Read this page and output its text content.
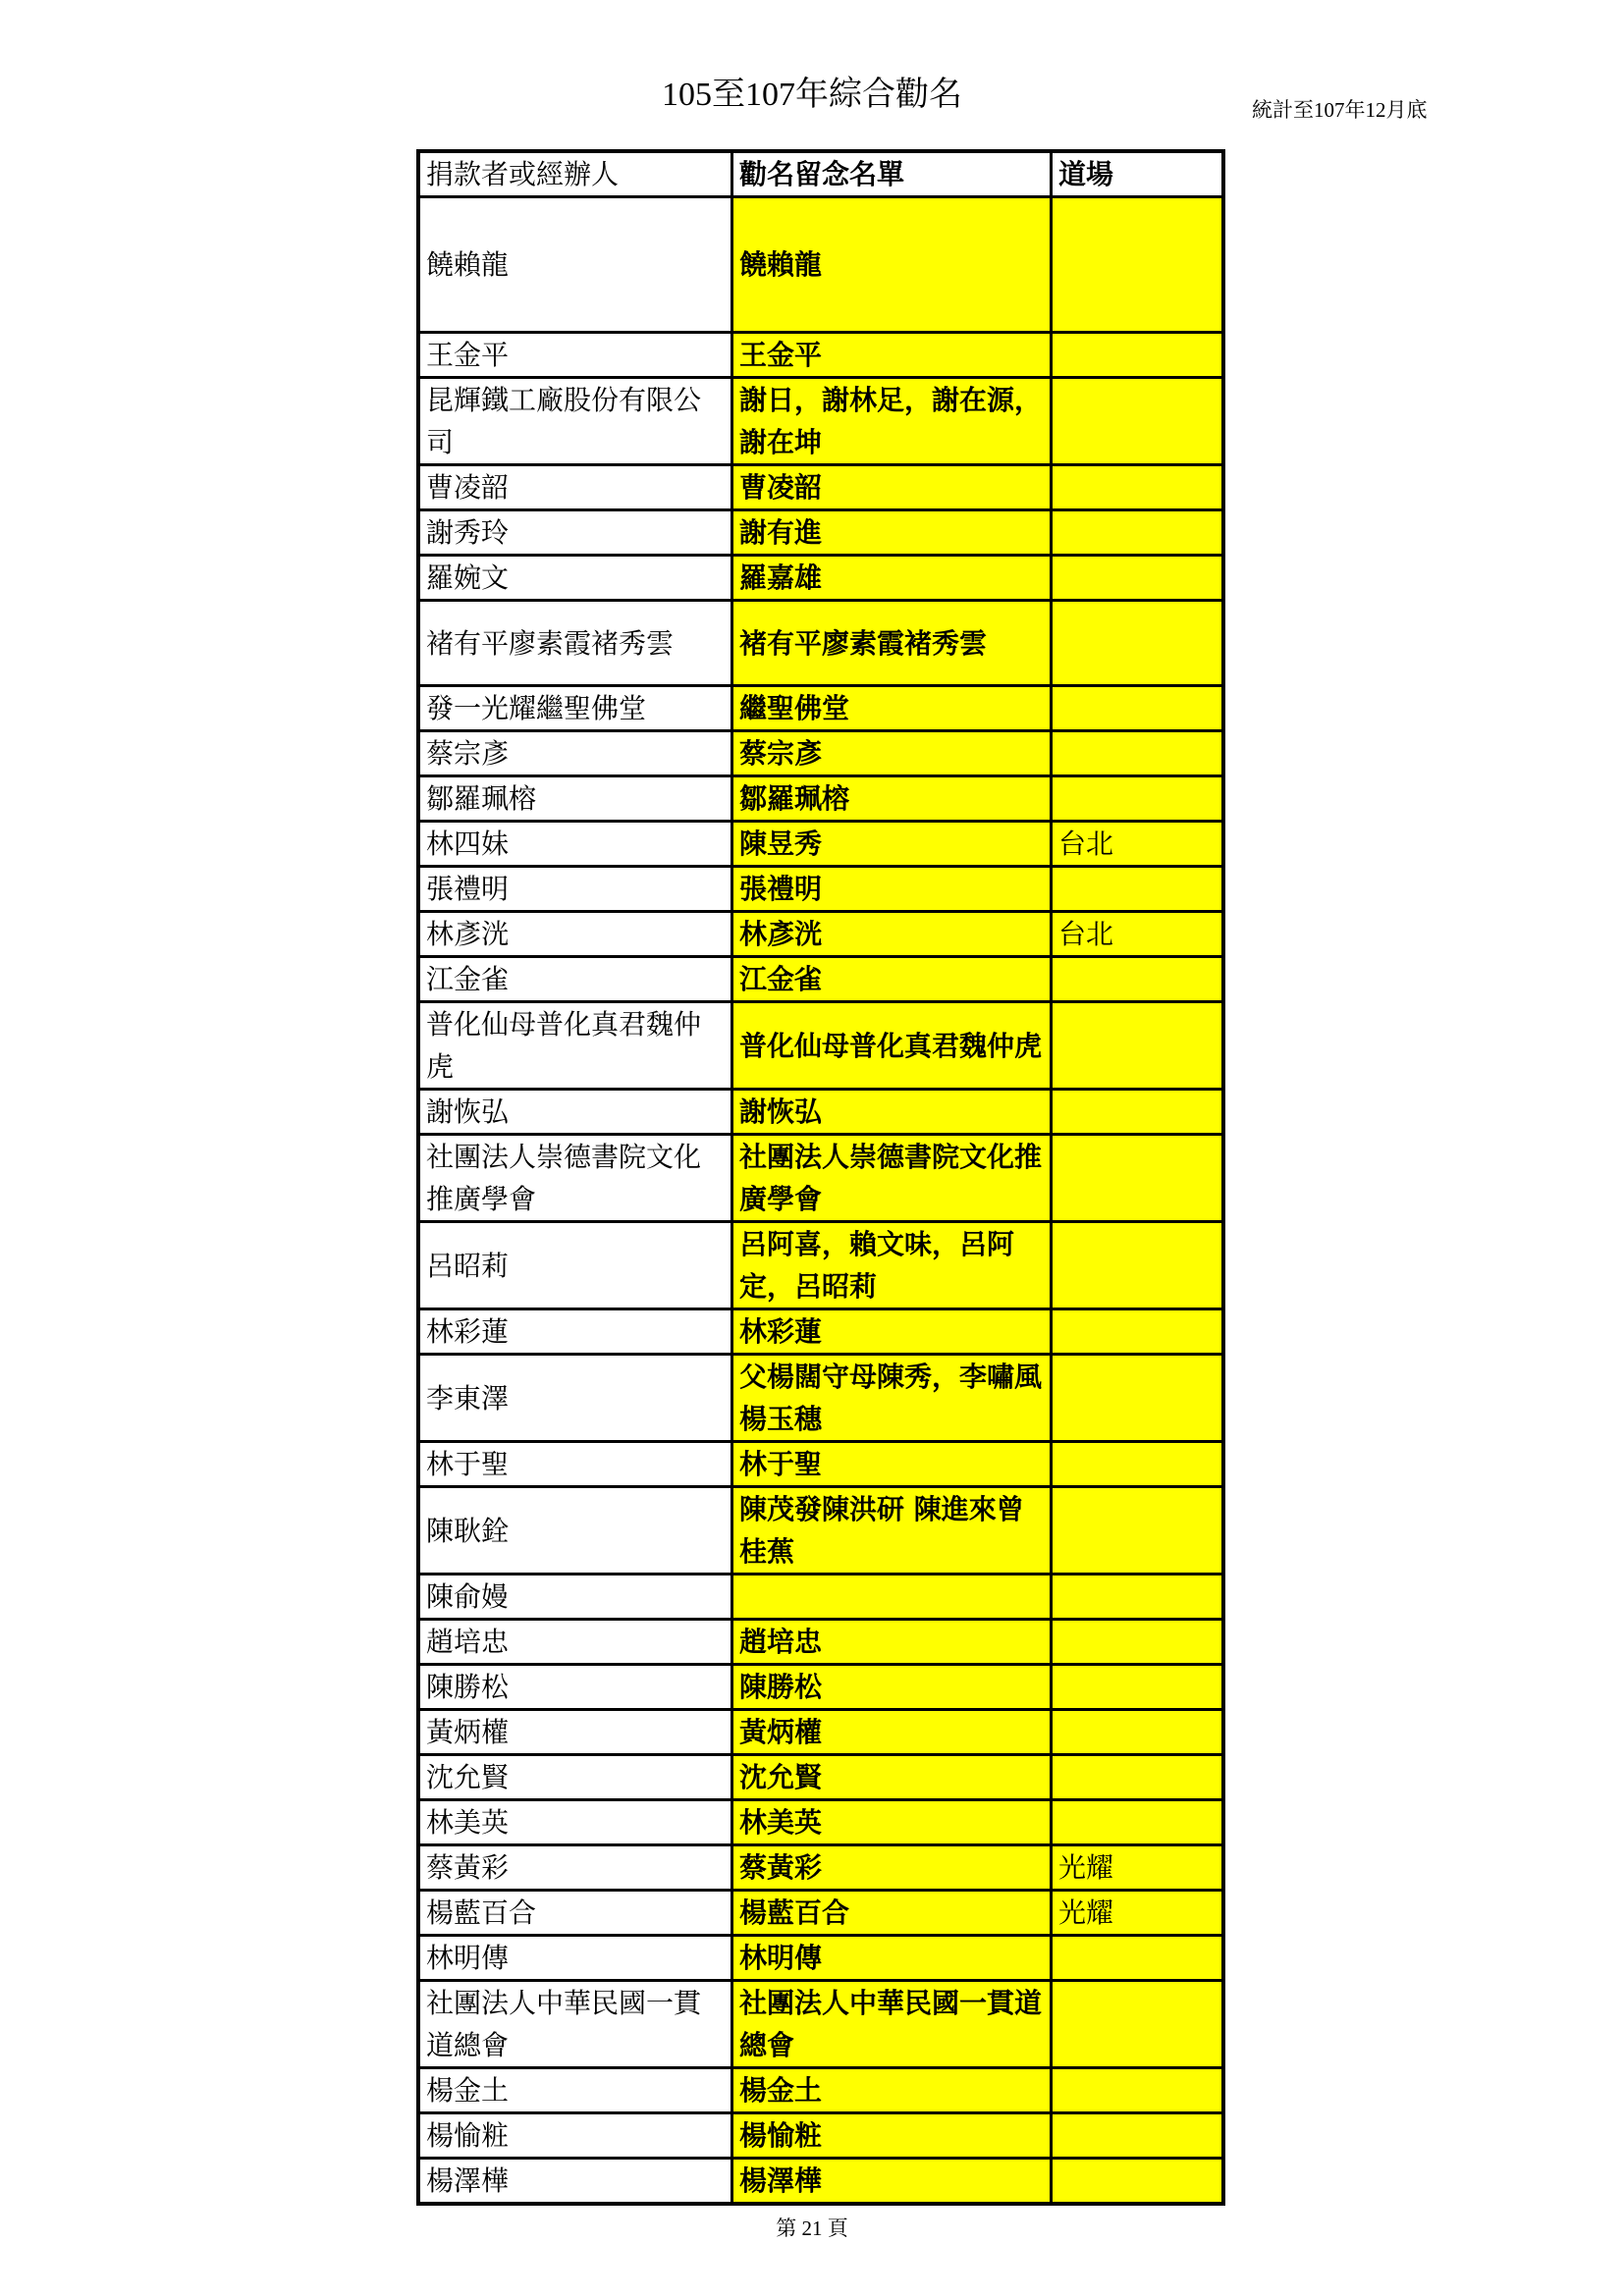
105至107年綜合勸名	統計至107年12月底
捐款者或經辦人	勸名留念名單	道場
饒賴龍	饒賴龍	
王金平	王金平	
昆輝鐵工廠股份有限公司	謝日，謝林足，謝在源，謝在坤	
曹凌韶	曹凌韶	
謝秀玲	謝有進	
羅婉文	羅嘉雄	
褚有平廖素霞褚秀雲	褚有平廖素霞褚秀雲	
發一光耀繼聖佛堂	繼聖佛堂	
蔡宗彥	蔡宗彥	
鄒羅珮榕	鄒羅珮榕	
林四妹	陳昱秀	台北
張禮明	張禮明	
林彥洸	林彥洸	台北
江金雀	江金雀	
普化仙母普化真君魏仲虎	普化仙母普化真君魏仲虎	
謝恢弘	謝恢弘	
社團法人崇德書院文化推廣學會	社團法人崇德書院文化推廣學會	
呂昭莉	呂阿喜，賴文味，呂阿定，呂昭莉	
林彩蓮	林彩蓮	
李東澤	父楊闊守母陳秀，李嘯風楊玉穗	
林于聖	林于聖	
陳耿銓	陳茂發陳洪研 陳進來曾桂蕉	
陳俞嫚		
趙培忠	趙培忠	
陳勝松	陳勝松	
黃炳權	黃炳權	
沈允賢	沈允賢	
林美英	林美英	
蔡黃彩	蔡黃彩	光耀
楊藍百合	楊藍百合	光耀
林明傳	林明傳	
社團法人中華民國一貫道總會	社團法人中華民國一貫道總會	
楊金土	楊金土	
楊愉粧	楊愉粧	
楊澤樺	楊澤樺	
第 21 頁
